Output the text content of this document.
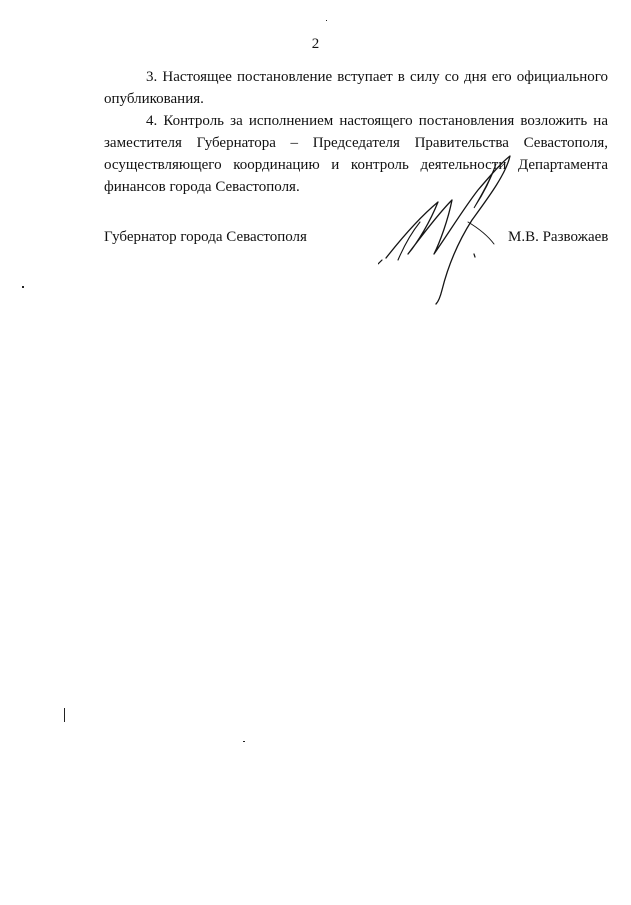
2

3. Настоящее постановление вступает в силу со дня его официального опубликования.

4. Контроль за исполнением настоящего постановления возложить на заместителя Губернатора – Председателя Правительства Севастополя, осуществляющего координацию и контроль деятельности Департамента финансов города Севастополя.

Губернатор города Севастополя	М.В. Развожаев
